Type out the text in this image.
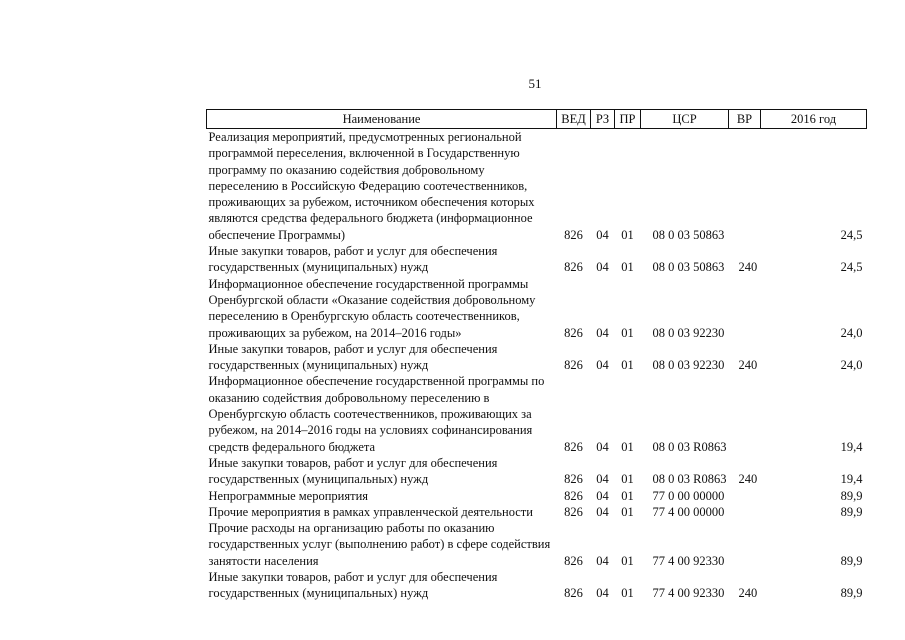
51
Наименование	ВЕД	РЗ	ПР	ЦСР	ВР	2016 год
Реализация мероприятий, предусмотренных региональной программой переселения, включенной в Государственную программу по оказанию содействия добровольному переселению в Российскую Федерацию соотечественников, проживающих за рубежом, источником обеспечения которых являются средства федерального бюджета (информационное обеспечение Программы)	826	04	01	08 0 03 50863		24,5
Иные закупки товаров, работ и услуг для обеспечения государственных (муниципальных) нужд	826	04	01	08 0 03 50863	240	24,5
Информационное обеспечение государственной программы Оренбургской области «Оказание содействия добровольному переселению в Оренбургскую область соотечественников, проживающих за рубежом, на 2014–2016 годы»	826	04	01	08 0 03 92230		24,0
Иные закупки товаров, работ и услуг для обеспечения государственных (муниципальных) нужд	826	04	01	08 0 03 92230	240	24,0
Информационное обеспечение государственной программы по оказанию содействия добровольному переселению в Оренбургскую область соотечественников, проживающих за рубежом, на 2014–2016 годы на условиях софинансирования средств федерального бюджета	826	04	01	08 0 03 R0863		19,4
Иные закупки товаров, работ и услуг для обеспечения государственных (муниципальных) нужд	826	04	01	08 0 03 R0863	240	19,4
Непрограммные мероприятия	826	04	01	77 0 00 00000		89,9
Прочие мероприятия в рамках управленческой деятельности	826	04	01	77 4 00 00000		89,9
Прочие расходы на организацию работы по оказанию государственных услуг (выполнению работ) в сфере содействия занятости населения	826	04	01	77 4 00 92330		89,9
Иные закупки товаров, работ и услуг для обеспечения государственных (муниципальных) нужд	826	04	01	77 4 00 92330	240	89,9
